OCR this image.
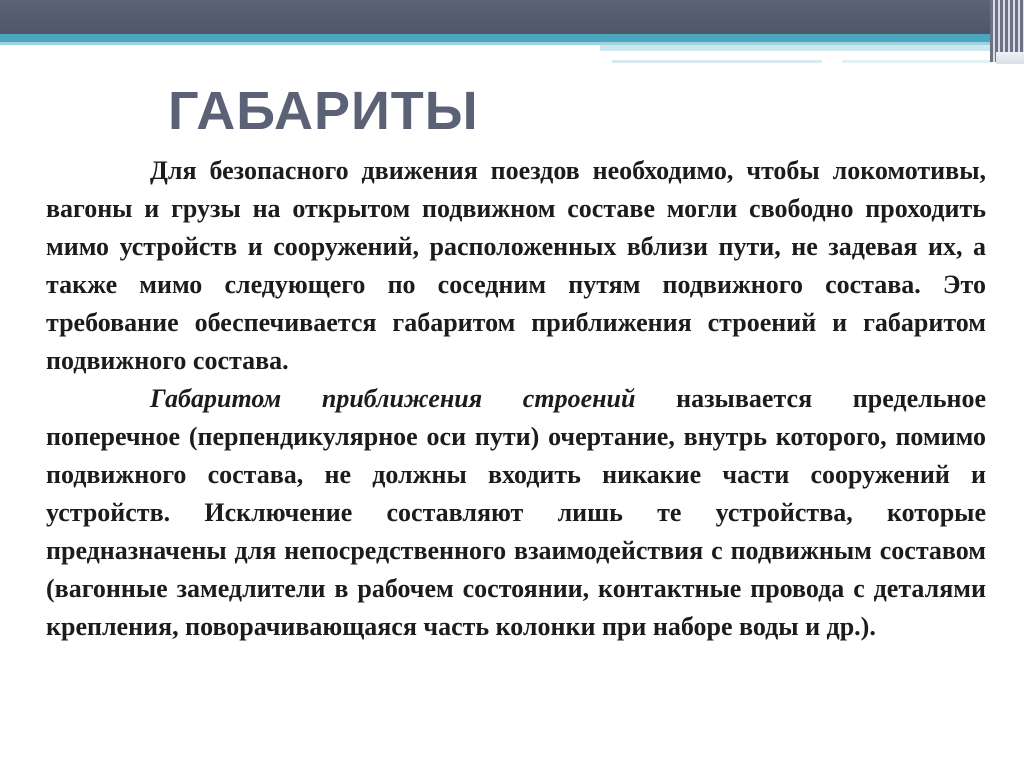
ГАБАРИТЫ

Для безопасного движения поездов необходимо, чтобы локомотивы, вагоны и грузы на открытом подвижном составе могли свободно проходить мимо устройств и сооружений, расположенных вблизи пути, не задевая их, а также мимо следующего по соседним путям подвижного состава. Это требование обеспечивается габаритом приближения строений и габаритом подвижного состава.

Габаритом приближения строений называется предельное поперечное (перпендикулярное оси пути) очертание, внутрь которого, помимо подвижного состава, не должны входить никакие части сооружений и устройств. Исключение составляют лишь те устройства, которые предназначены для непосредственного взаимодействия с подвижным составом (вагонные замедлители в рабочем состоянии, контактные провода с деталями крепления, поворачивающаяся часть колонки при наборе воды и др.).
